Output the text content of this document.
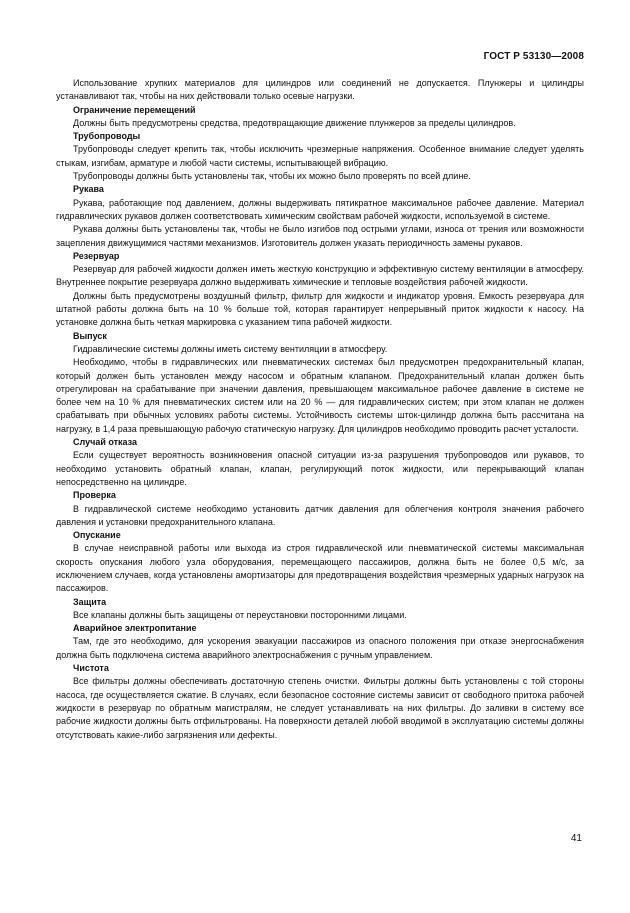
ГОСТ Р 53130—2008

Использование хрупких материалов для цилиндров или соединений не допускается. Плунжеры и цилиндры устанавливают так, чтобы на них действовали только осевые нагрузки.

Ограничение перемещений

Должны быть предусмотрены средства, предотвращающие движение плунжеров за пределы цилиндров.

Трубопроводы

Трубопроводы следует крепить так, чтобы исключить чрезмерные напряжения. Особенное внимание следует уделять стыкам, изгибам, арматуре и любой части системы, испытывающей вибрацию.

Трубопроводы должны быть установлены так, чтобы их можно было проверять по всей длине.

Рукава

Рукава, работающие под давлением, должны выдерживать пятикратное максимальное рабочее давление. Материал гидравлических рукавов должен соответствовать химическим свойствам рабочей жидкости, используемой в системе.

Рукава должны быть установлены так, чтобы не было изгибов под острыми углами, износа от трения или возможности зацепления движущимися частями механизмов. Изготовитель должен указать периодичность замены рукавов.

Резервуар

Резервуар для рабочей жидкости должен иметь жесткую конструкцию и эффективную систему вентиляции в атмосферу. Внутреннее покрытие резервуара должно выдерживать химические и тепловые воздействия рабочей жидкости.

Должны быть предусмотрены воздушный фильтр, фильтр для жидкости и индикатор уровня. Емкость резервуара для штатной работы должна быть на 10 % больше той, которая гарантирует непрерывный приток жидкости к насосу. На установке должна быть четкая маркировка с указанием типа рабочей жидкости.

Выпуск

Гидравлические системы должны иметь систему вентиляции в атмосферу.

Необходимо, чтобы в гидравлических или пневматических системах был предусмотрен предохранительный клапан, который должен быть установлен между насосом и обратным клапаном. Предохранительный клапан должен быть отрегулирован на срабатывание при значении давления, превышающем максимальное рабочее давление в системе не более чем на 10 % для пневматических систем или на 20 % — для гидравлических систем; при этом клапан не должен срабатывать при обычных условиях работы системы. Устойчивость системы шток-цилиндр должна быть рассчитана на нагрузку, в 1,4 раза превышающую рабочую статическую нагрузку. Для цилиндров необходимо проводить расчет усталости.

Случай отказа

Если существует вероятность возникновения опасной ситуации из-за разрушения трубопроводов или рукавов, то необходимо установить обратный клапан, клапан, регулирующий поток жидкости, или перекрывающий клапан непосредственно на цилиндре.

Проверка

В гидравлической системе необходимо установить датчик давления для облегчения контроля значения рабочего давления и установки предохранительного клапана.

Опускание

В случае неисправной работы или выхода из строя гидравлической или пневматической системы максимальная скорость опускания любого узла оборудования, перемещающего пассажиров, должна быть не более 0,5 м/с, за исключением случаев, когда установлены амортизаторы для предотвращения воздействия чрезмерных ударных нагрузок на пассажиров.

Защита

Все клапаны должны быть защищены от переустановки посторонними лицами.

Аварийное электропитание

Там, где это необходимо, для ускорения эвакуации пассажиров из опасного положения при отказе энергоснабжения должна быть подключена система аварийного электроснабжения с ручным управлением.

Чистота

Все фильтры должны обеспечивать достаточную степень очистки. Фильтры должны быть установлены с той стороны насоса, где осуществляется сжатие. В случаях, если безопасное состояние системы зависит от свободного притока рабочей жидкости в резервуар по обратным магистралям, не следует устанавливать на них фильтры. До заливки в систему все рабочие жидкости должны быть отфильтрованы. На поверхности деталей любой вводимой в эксплуатацию системы должны отсутствовать какие-либо загрязнения или дефекты.

41
